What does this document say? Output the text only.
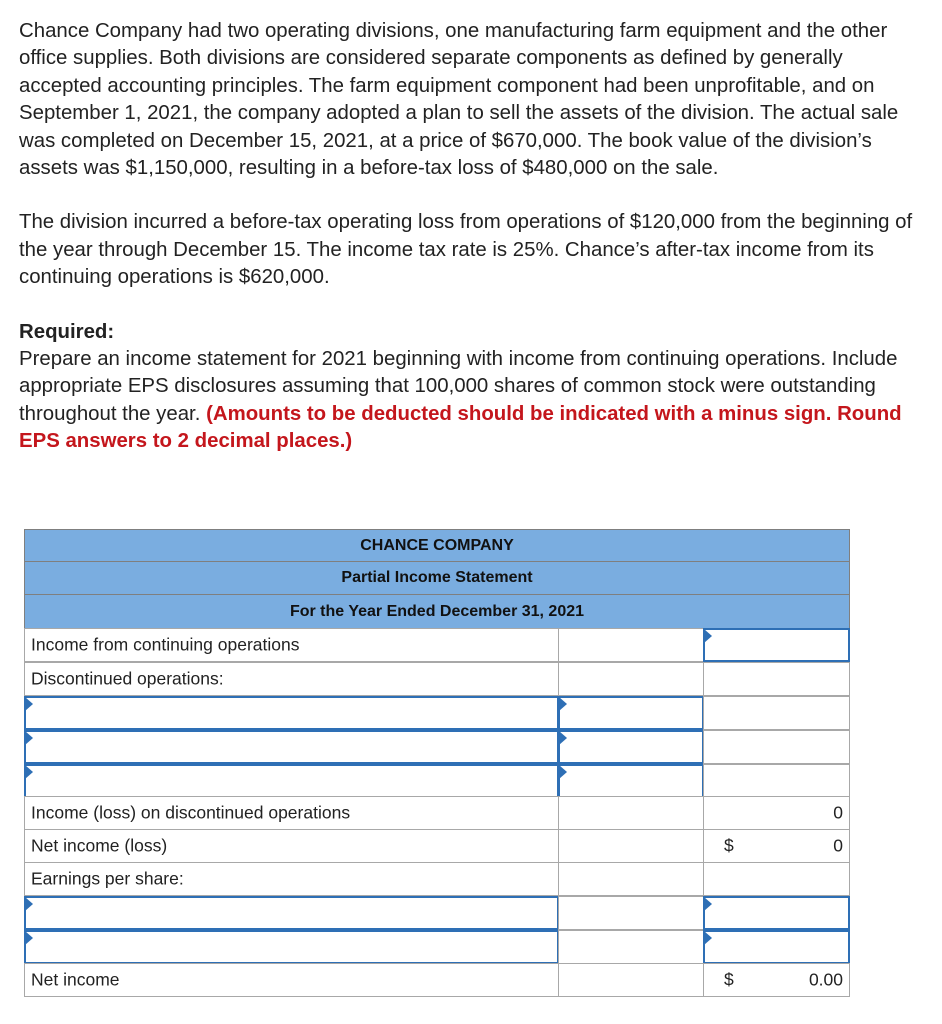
Chance Company had two operating divisions, one manufacturing farm equipment and the other office supplies. Both divisions are considered separate components as defined by generally accepted accounting principles. The farm equipment component had been unprofitable, and on September 1, 2021, the company adopted a plan to sell the assets of the division. The actual sale was completed on December 15, 2021, at a price of $670,000. The book value of the division’s assets was $1,150,000, resulting in a before-tax loss of $480,000 on the sale.

The division incurred a before-tax operating loss from operations of $120,000 from the beginning of the year through December 15. The income tax rate is 25%. Chance’s after-tax income from its continuing operations is $620,000.

Required:

Prepare an income statement for 2021 beginning with income from continuing operations. Include appropriate EPS disclosures assuming that 100,000 shares of common stock were outstanding throughout the year. (Amounts to be deducted should be indicated with a minus sign. Round EPS answers to 2 decimal places.)

CHANCE COMPANY
Partial Income Statement
For the Year Ended December 31, 2021
Income from continuing operations
Discontinued operations:
Income (loss) on discontinued operations	0
Net income (loss)	$	0
Earnings per share:
Net income	$	0.00
